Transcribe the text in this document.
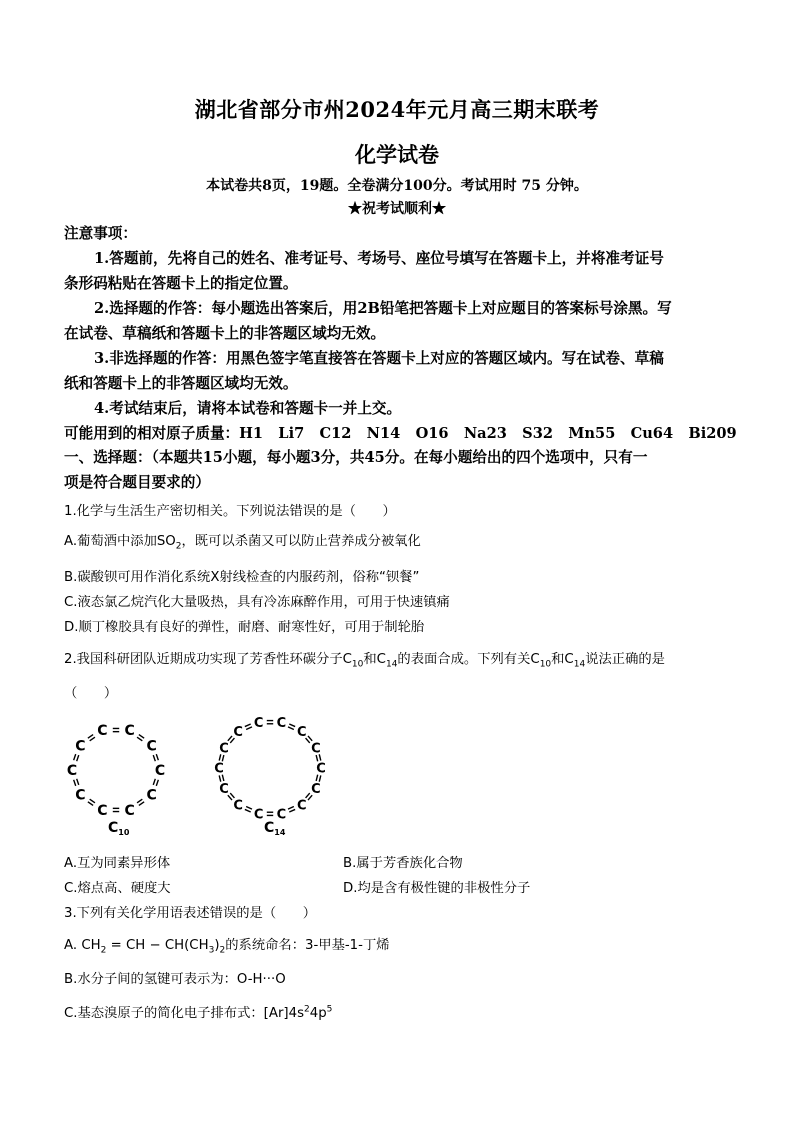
湖北省部分市州2024年元月高三期末联考
化学试卷
本试卷共8页，19题。全卷满分100分。考试用时 75 分钟。
★祝考试顺利★
注意事项：
1.答题前，先将自己的姓名、准考证号、考场号、座位号填写在答题卡上，并将准考证号
条形码粘贴在答题卡上的指定位置。
2.选择题的作答：每小题选出答案后，用2B铅笔把答题卡上对应题目的答案标号涂黑。写
在试卷、草稿纸和答题卡上的非答题区域均无效。
3.非选择题的作答：用黑色签字笔直接答在答题卡上对应的答题区域内。写在试卷、草稿
纸和答题卡上的非答题区域均无效。
4.考试结束后，请将本试卷和答题卡一并上交。
可能用到的相对原子质量：H1   Li7   C12   N14   O16   Na23   S32   Mn55   Cu64   Bi209
一、选择题：（本题共15小题，每小题3分，共45分。在每小题给出的四个选项中，只有一
项是符合题目要求的）
1.化学与生活生产密切相关。下列说法错误的是（　　）
A.葡萄酒中添加$SO_2$，既可以杀菌又可以防止营养成分被氧化
B.碳酸钡可用作消化系统X射线检查的内服药剂，俗称“钡餐”
C.液态氯乙烷汽化大量吸热，具有冷冻麻醉作用，可用于快速镇痛
D.顺丁橡胶具有良好的弹性，耐磨、耐寒性好，可用于制轮胎
2.我国科研团队近期成功实现了芳香性环碳分子$C_{10}$和$C_{14}$的表面合成。下列有关$C_{10}$和$C_{14}$说法正确的是
（　　）
C
C
C
C
C
C
C
C
C
C	C
C
C
C
C
C
C
C
C
C
C
C
C
C
$C_{10}$	$C_{14}$
A.互为同素异形体	B.属于芳香族化合物
C.熔点高、硬度大	D.均是含有极性键的非极性分子
3.下列有关化学用语表述错误的是（　　）
A. $CH_2$ = CH − $CH(CH_3)_2$的系统命名：3-甲基-1-丁烯
B.水分子间的氢键可表示为：O-H···O
C.基态溴原子的简化电子排布式：$[Ar]4s^24p^5$
